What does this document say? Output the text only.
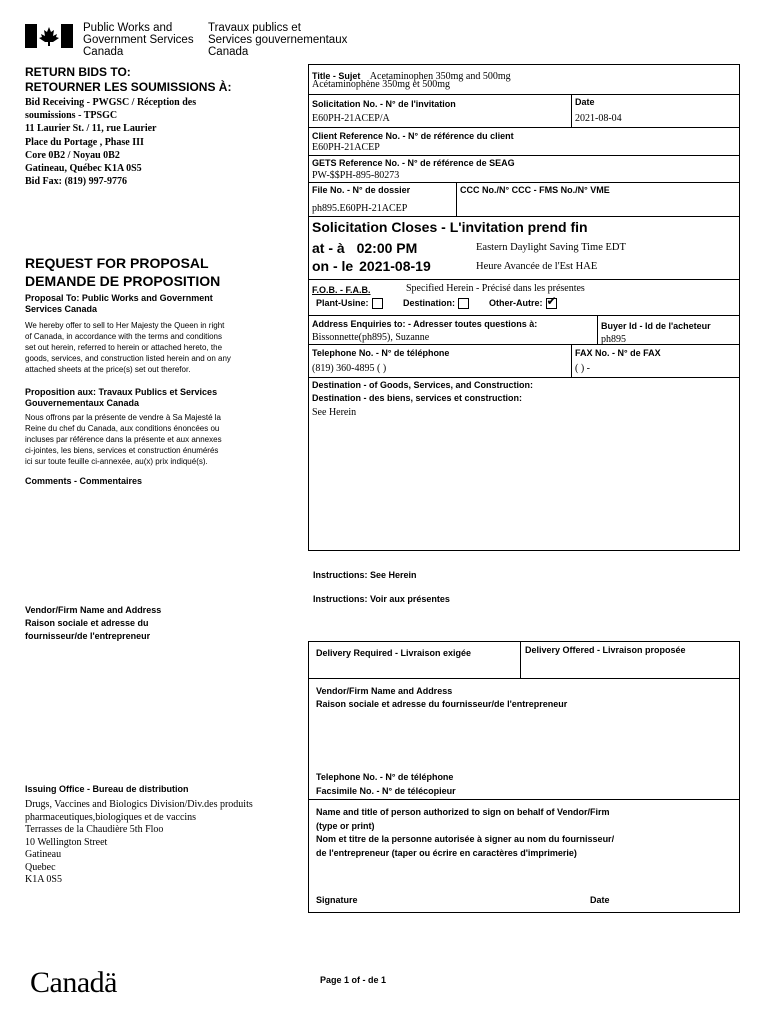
Public Works and
Government Services
Canada
Travaux publics et
Services gouvernementaux
Canada
RETURN BIDS TO:
RETOURNER LES SOUMISSIONS À:
Bid Receiving - PWGSC / Réception des
soumissions - TPSGC
11 Laurier St. / 11, rue Laurier
Place du Portage , Phase III
Core 0B2 / Noyau 0B2
Gatineau, Québec K1A 0S5
Bid Fax: (819) 997-9776
REQUEST FOR PROPOSAL
DEMANDE DE PROPOSITION
Proposal To: Public Works and Government
Services Canada
We hereby offer to sell to Her Majesty the Queen in right
of Canada, in accordance with the terms and conditions
set out herein, referred to herein or attached hereto, the
goods, services, and construction listed herein and on any
attached sheets at the price(s) set out therefor.
Proposition aux: Travaux Publics et Services
Gouvernementaux Canada
Nous offrons par la présente de vendre à Sa Majesté la
Reine du chef du Canada, aux conditions énoncées ou
incluses par référence dans la présente et aux annexes
ci-jointes, les biens, services et construction énumérés
ici sur toute feuille ci-annexée, au(x) prix indiqué(s).
Comments - Commentaires
Vendor/Firm Name and Address
Raison sociale et adresse du
fournisseur/de l'entrepreneur
Issuing Office - Bureau de distribution
Drugs, Vaccines and Biologics Division/Div.des produits
pharmaceutiques,biologiques et de vaccins
Terrasses de la Chaudière 5th Floo
10 Wellington Street
Gatineau
Quebec
K1A 0S5
Title - Sujet Acetaminophen 350mg and 500mg
Acétaminophène 350mg et 500mg
Solicitation No. - N° de l'invitation
E60PH-21ACEP/A
Date
2021-08-04
Client Reference No. - N° de référence du client
E60PH-21ACEP
GETS Reference No. - N° de référence de SEAG
PW-$$PH-895-80273
File No. - N° de dossier
ph895.E60PH-21ACEP
CCC No./N° CCC - FMS No./N° VME
Solicitation Closes - L'invitation prend fin
at - à 02:00 PM
on - le 2021-08-19
Eastern Daylight Saving Time EDT
Heure Avancée de l'Est HAE
F.O.B. - F.A.B.	Specified Herein - Précisé dans les présentes
Plant-Usine:	Destination:	Other-Autre: ✔
Address Enquiries to: - Adresser toutes questions à:
Bissonnette(ph895), Suzanne
Buyer Id - Id de l'acheteur
ph895
Telephone No. - N° de téléphone
(819) 360-4895 ( )
FAX No. - N° de FAX
( ) -
Destination - of Goods, Services, and Construction:
Destination - des biens, services et construction:
See Herein
Instructions: See Herein
Instructions: Voir aux présentes
Delivery Required - Livraison exigée	Delivery Offered - Livraison proposée
Vendor/Firm Name and Address
Raison sociale et adresse du fournisseur/de l'entrepreneur
Telephone No. - N° de téléphone
Facsimile No. - N° de télécopieur
Name and title of person authorized to sign on behalf of Vendor/Firm
(type or print)
Nom et titre de la personne autorisée à signer au nom du fournisseur/
de l'entrepreneur (taper ou écrire en caractères d'imprimerie)
Signature	Date
Canadä	Page 1 of - de 1
